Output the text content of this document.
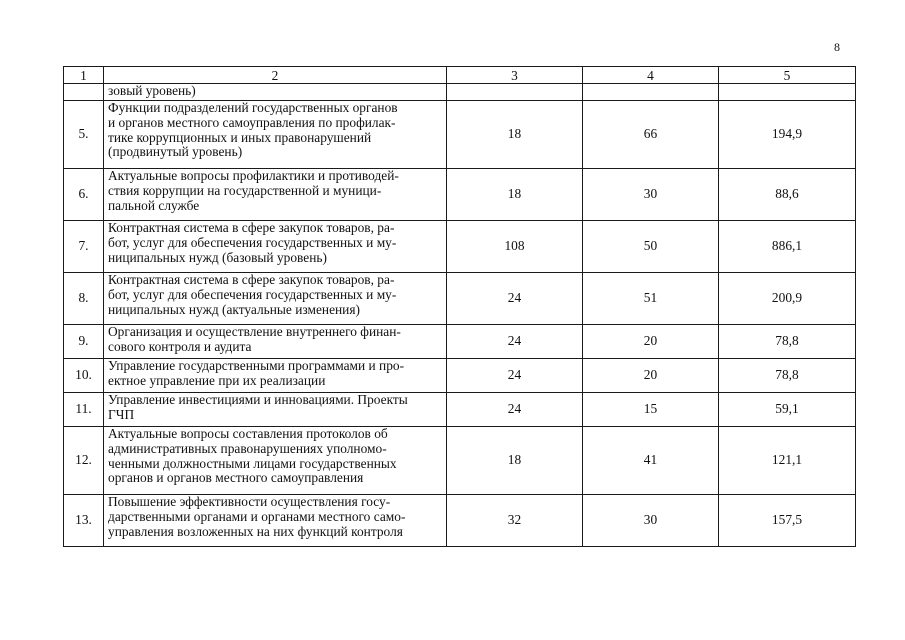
8
1	2	3	4	5
	зовый уровень)			
5.	Функции подразделений государственных органов
и органов местного самоуправления по профилак-
тике коррупционных и иных правонарушений
(продвинутый уровень)	18	66	194,9
6.	Актуальные вопросы профилактики и противодей-
ствия коррупции на государственной и муници-
пальной службе	18	30	88,6
7.	Контрактная система в сфере закупок товаров, ра-
бот, услуг для обеспечения государственных и му-
ниципальных нужд (базовый уровень)	108	50	886,1
8.	Контрактная система в сфере закупок товаров, ра-
бот, услуг для обеспечения государственных и му-
ниципальных нужд (актуальные изменения)	24	51	200,9
9.	Организация и осуществление внутреннего финан-
сового контроля и аудита	24	20	78,8
10.	Управление государственными программами и про-
ектное управление при их реализации	24	20	78,8
11.	Управление инвестициями и инновациями. Проекты
ГЧП	24	15	59,1
12.	Актуальные вопросы составления протоколов об
административных правонарушениях уполномо-
ченными должностными лицами государственных
органов и органов местного самоуправления	18	41	121,1
13.	Повышение эффективности осуществления госу-
дарственными органами и органами местного само-
управления возложенных на них функций контроля	32	30	157,5
